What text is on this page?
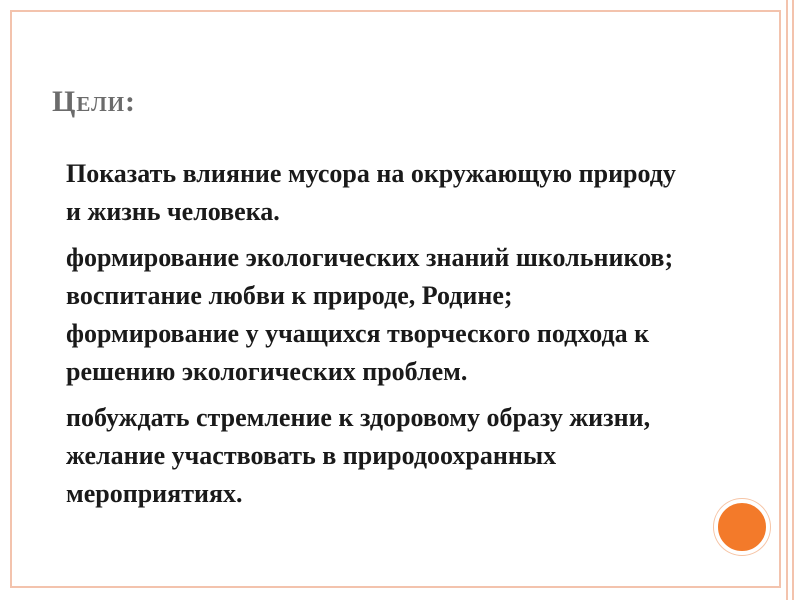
Цели:
Показать влияние мусора на окружающую природу и жизнь человека.
формирование экологических знаний школьников; воспитание любви к природе, Родине; формирование у учащихся творческого подхода к решению экологических проблем.
побуждать стремление к здоровому образу жизни, желание участвовать в природоохранных мероприятиях.
